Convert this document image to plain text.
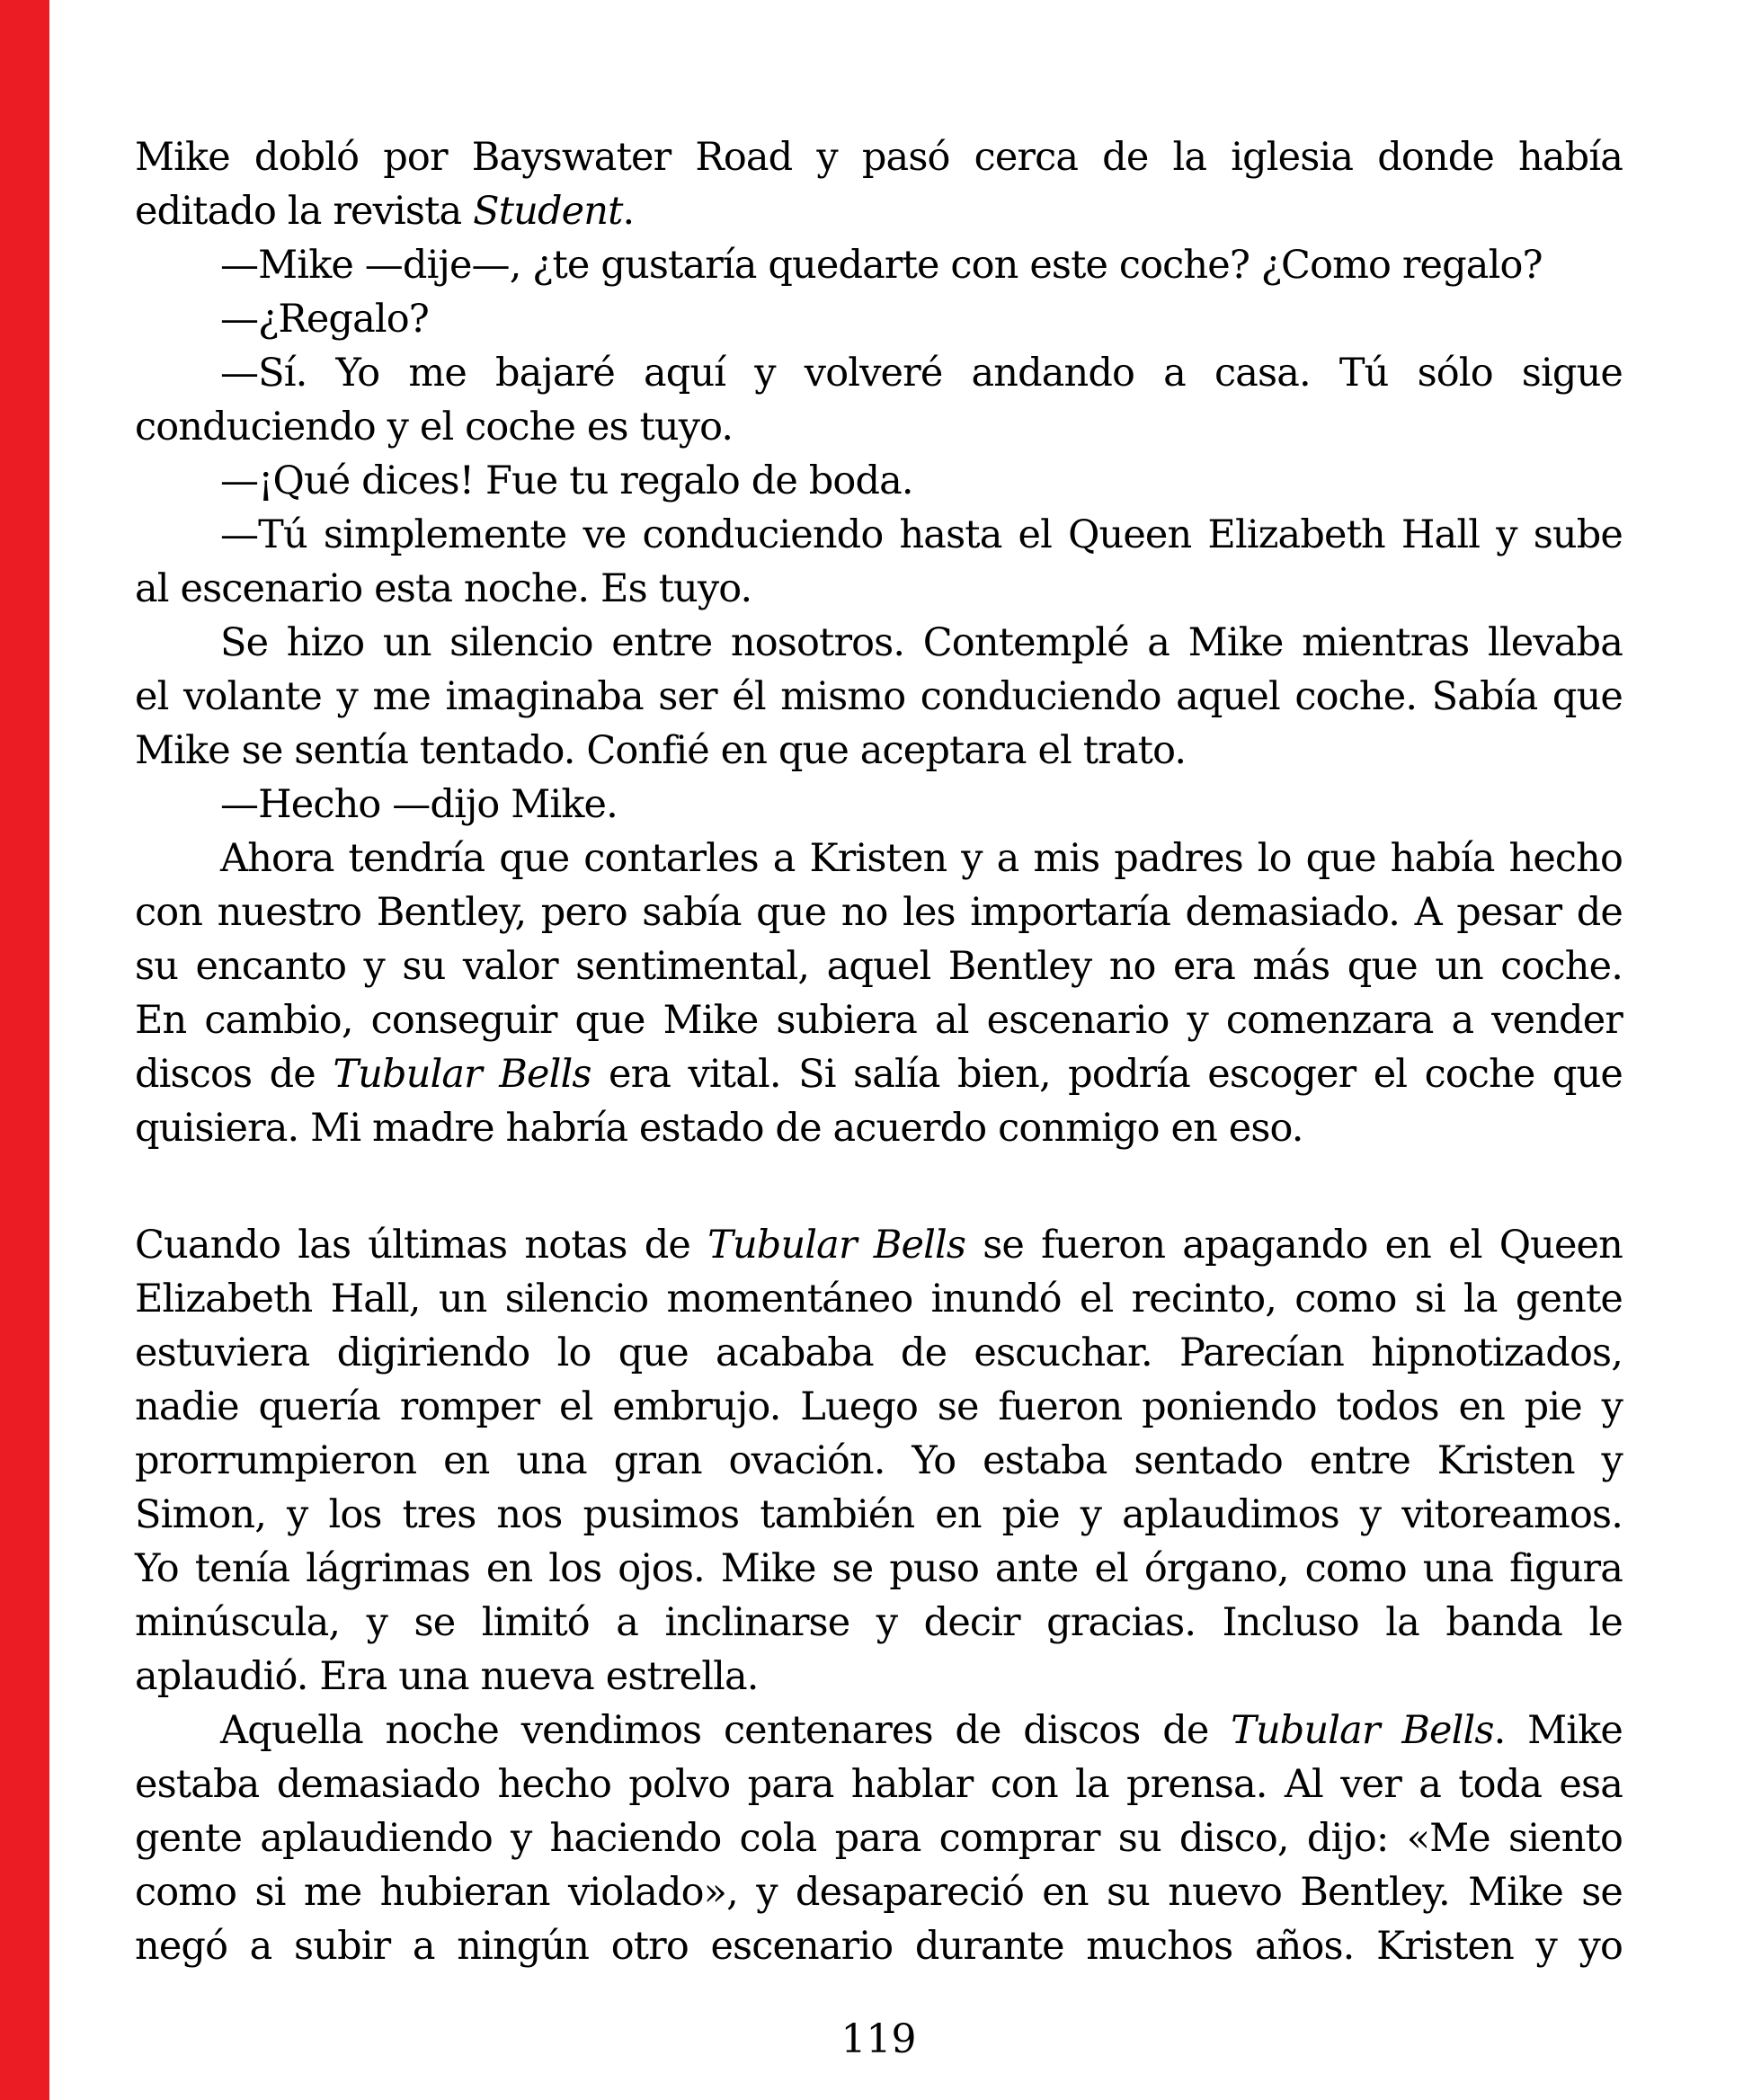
Mike dobló por Bayswater Road y pasó cerca de la iglesia donde había
editado la revista Student.
—Mike —dije—, ¿te gustaría quedarte con este coche? ¿Como regalo?
—¿Regalo?
—Sí. Yo me bajaré aquí y volveré andando a casa. Tú sólo sigue
conduciendo y el coche es tuyo.
—¡Qué dices! Fue tu regalo de boda.
—Tú simplemente ve conduciendo hasta el Queen Elizabeth Hall y sube
al escenario esta noche. Es tuyo.
Se hizo un silencio entre nosotros. Contemplé a Mike mientras llevaba
el volante y me imaginaba ser él mismo conduciendo aquel coche. Sabía que
Mike se sentía tentado. Confié en que aceptara el trato.
—Hecho —dijo Mike.
Ahora tendría que contarles a Kristen y a mis padres lo que había hecho
con nuestro Bentley, pero sabía que no les importaría demasiado. A pesar de
su encanto y su valor sentimental, aquel Bentley no era más que un coche.
En cambio, conseguir que Mike subiera al escenario y comenzara a vender
discos de Tubular Bells era vital. Si salía bien, podría escoger el coche que
quisiera. Mi madre habría estado de acuerdo conmigo en eso.
Cuando las últimas notas de Tubular Bells se fueron apagando en el Queen
Elizabeth Hall, un silencio momentáneo inundó el recinto, como si la gente
estuviera digiriendo lo que acababa de escuchar. Parecían hipnotizados,
nadie quería romper el embrujo. Luego se fueron poniendo todos en pie y
prorrumpieron en una gran ovación. Yo estaba sentado entre Kristen y
Simon, y los tres nos pusimos también en pie y aplaudimos y vitoreamos.
Yo tenía lágrimas en los ojos. Mike se puso ante el órgano, como una figura
minúscula, y se limitó a inclinarse y decir gracias. Incluso la banda le
aplaudió. Era una nueva estrella.
Aquella noche vendimos centenares de discos de Tubular Bells. Mike
estaba demasiado hecho polvo para hablar con la prensa. Al ver a toda esa
gente aplaudiendo y haciendo cola para comprar su disco, dijo: «Me siento
como si me hubieran violado», y desapareció en su nuevo Bentley. Mike se
negó a subir a ningún otro escenario durante muchos años. Kristen y yo
119
